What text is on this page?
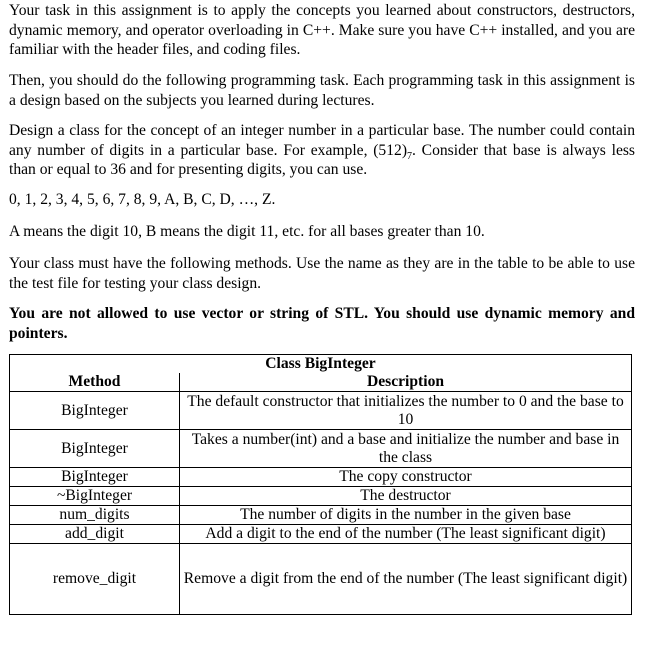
Your task in this assignment is to apply the concepts you learned about constructors, destructors, dynamic memory, and operator overloading in C++. Make sure you have C++ installed, and you are familiar with the header files, and coding files.

Then, you should do the following programming task. Each programming task in this assignment is a design based on the subjects you learned during lectures.

Design a class for the concept of an integer number in a particular base. The number could contain any number of digits in a particular base. For example, $(512)_7$. Consider that base is always less than or equal to 36 and for presenting digits, you can use.

0, 1, 2, 3, 4, 5, 6, 7, 8, 9, A, B, C, D, …, Z.

A means the digit 10, B means the digit 11, etc. for all bases greater than 10.

Your class must have the following methods. Use the name as they are in the table to be able to use the test file for testing your class design.

You are not allowed to use vector or string of STL. You should use dynamic memory and pointers.

Class BigInteger	
Method	Description
BigInteger	The default constructor that initializes the number to 0 and the base to 10
BigInteger	Takes a number(int) and a base and initialize the number and base in the class
BigInteger	The copy constructor
~BigInteger	The destructor
num_digits	The number of digits in the number in the given base
add_digit	Add a digit to the end of the number (The least significant digit)
remove_digit	Remove a digit from the end of the number (The least significant digit)
